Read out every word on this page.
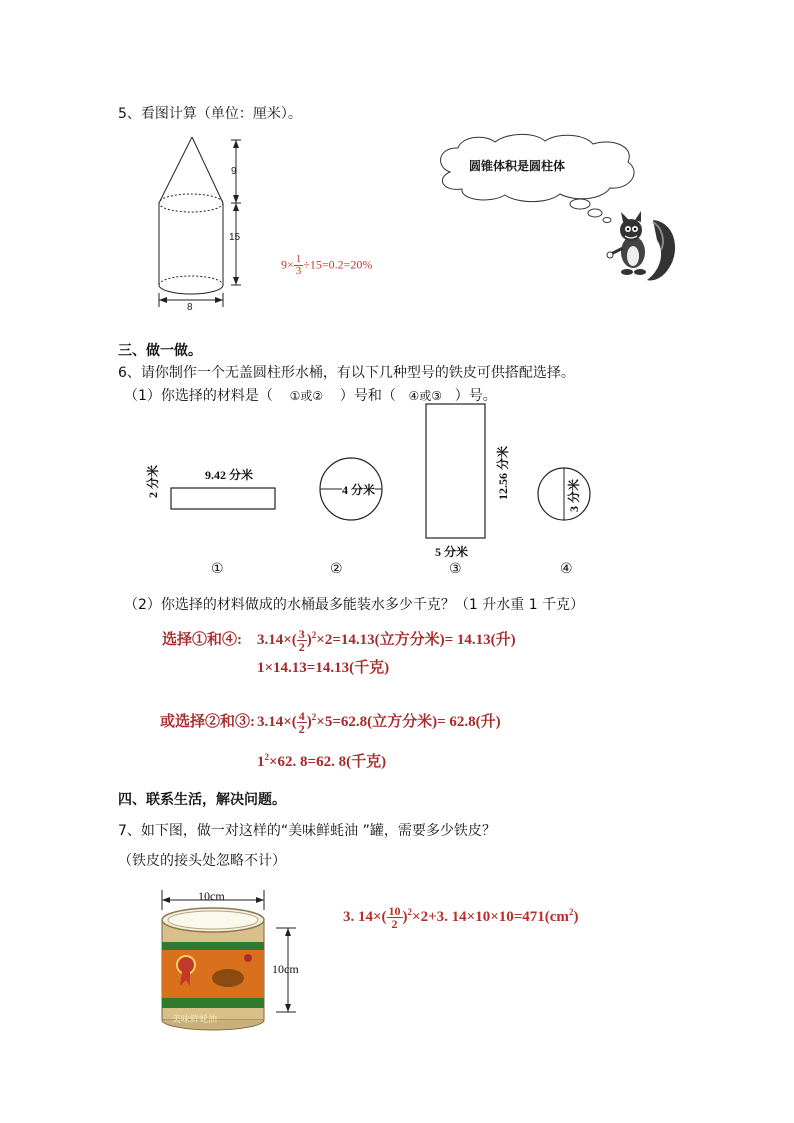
5、看图计算（单位：厘米）。
9
15
8
$9\times \frac{1}{3} \div 15=0.2=20\%$
圆锥体积是圆柱体
三、做一做。
6、请你制作一个无盖圆柱形水桶，有以下几种型号的铁皮可供搭配选择。
（1）你选择的材料是（ ①或② ）号和（ ④或③ ）号。
9.42 分米
2 分米	4 分米	12.56 分米
5 分米
3 分米
①	②	③	④
（2）你选择的材料做成的水桶最多能装水多少千克？（1 升水重 1 千克）
选择①和④: $3.14\times( \frac{3}{2} )^2\times 2=14.13$(立方分米)= 14.13(升)
1×14.13=14.13(千克)
或选择②和③: $3.14\times( \frac{4}{2} )^2\times 5=62.8$(立方分米)= 62.8(升)
$1^2\times 62$. 8=62. 8(千克)
四、联系生活，解决问题。
7、如下图，做一对这样的“美味鲜蚝油 ”罐，需要多少铁皮？
（铁皮的接头处忽略不计）
美味鲜蚝油
10cm
10cm
3. $14\times( \frac{10}{2} )^2\times 2+3$. $14\times 10\times 10=471(cm^2)$
